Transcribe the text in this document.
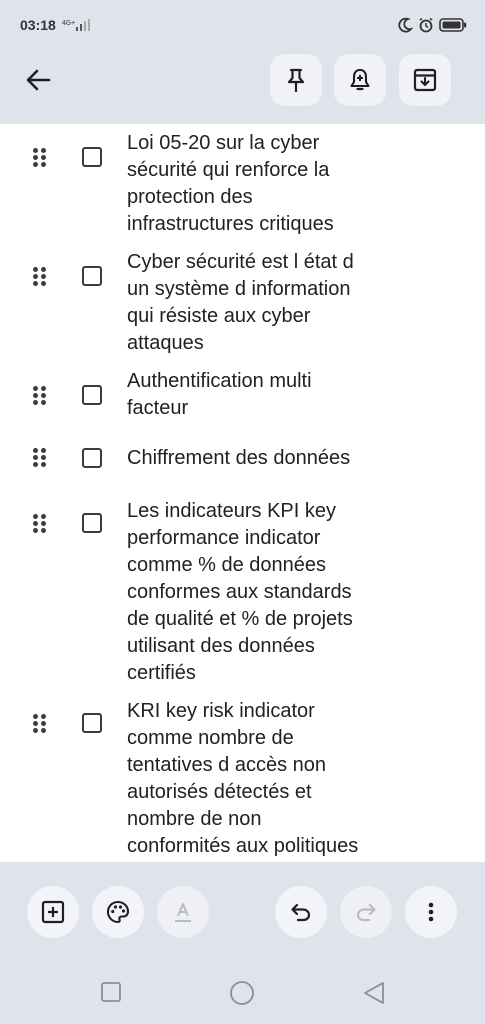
03:18 4G+
Loi 05-20 sur la cyber
sécurité qui renforce la
protection des
infrastructures critiques
Cyber sécurité est l état d
un système d information
qui résiste aux cyber
attaques
Authentification multi
facteur
Chiffrement des données
Les indicateurs KPI key
performance indicator
comme % de données
conformes aux standards
de qualité et % de projets
utilisant des données
certifiés
KRI key risk indicator
comme nombre de
tentatives d accès non
autorisés détectés et
nombre de non
conformités aux politiques
